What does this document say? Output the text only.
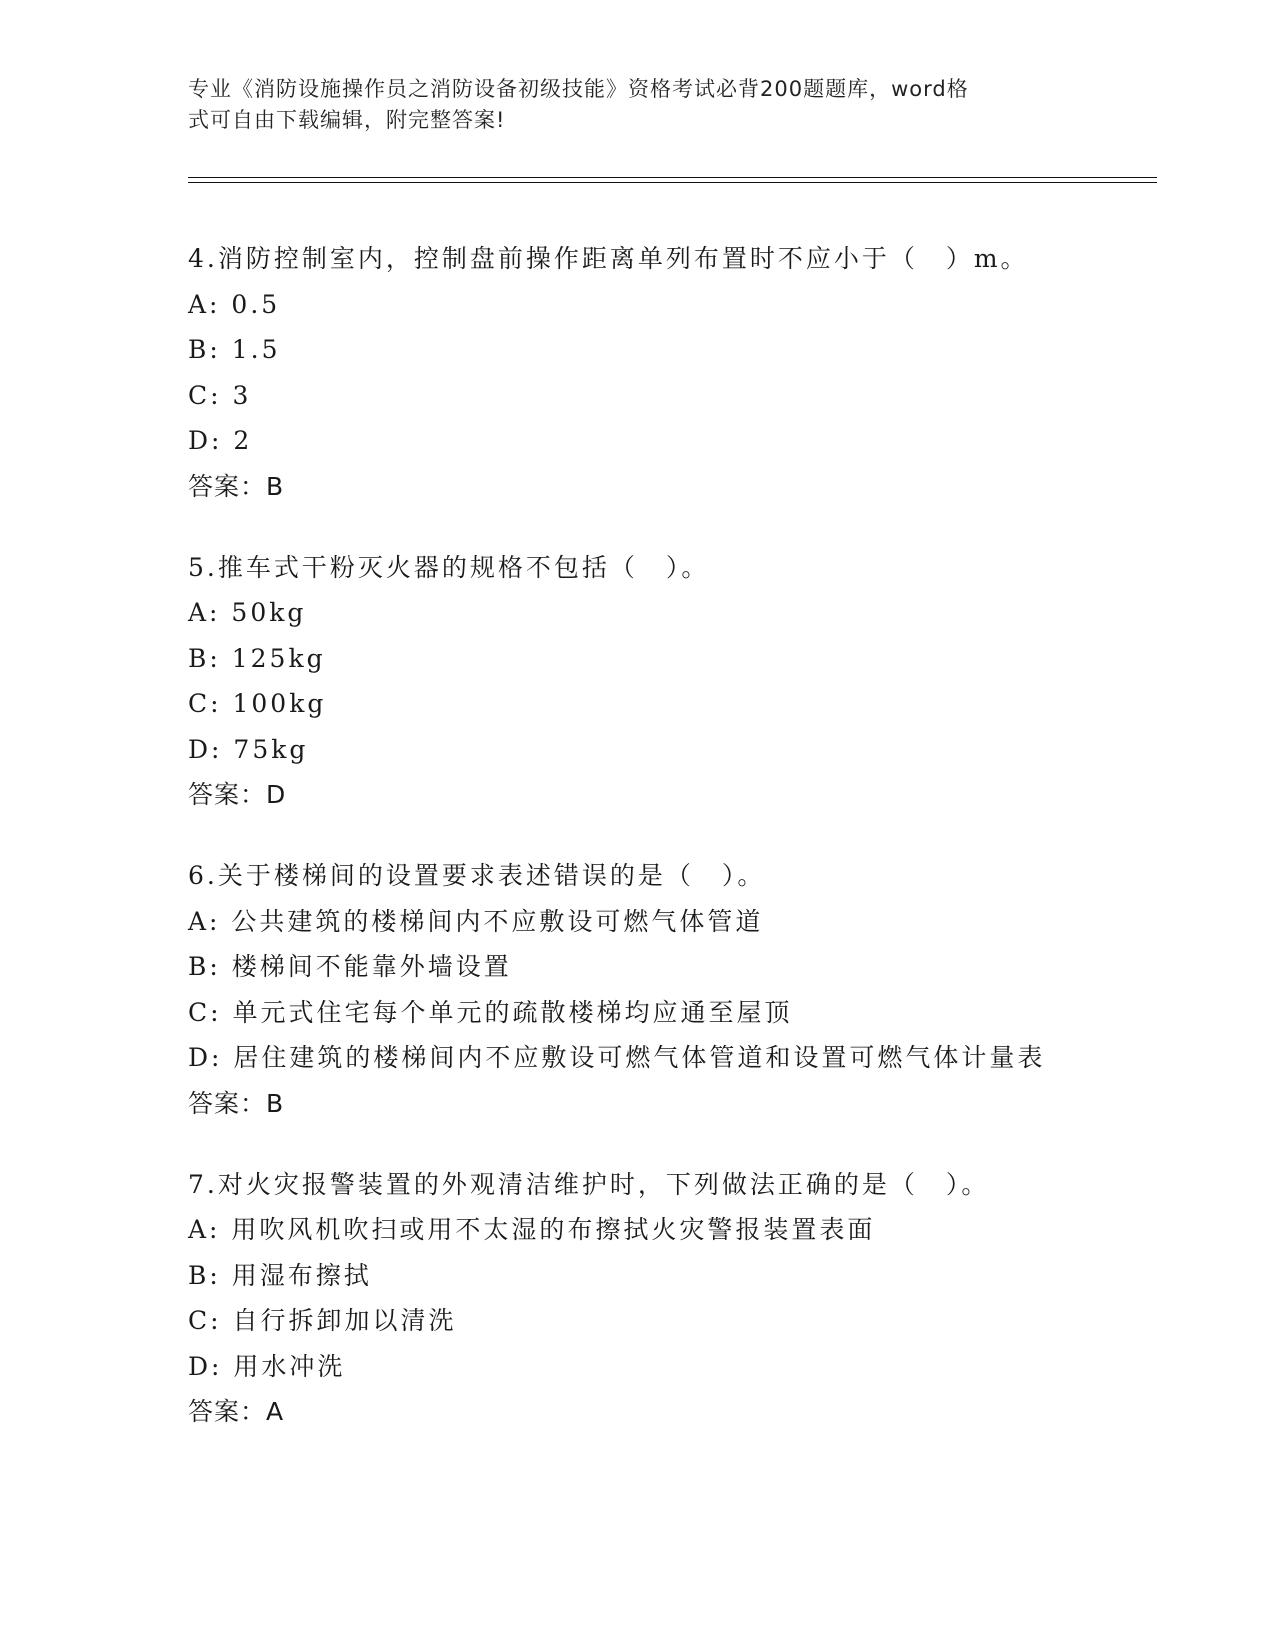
专业《消防设施操作员之消防设备初级技能》资格考试必背200题题库，word格
式可自由下载编辑，附完整答案!
4.消防控制室内，控制盘前操作距离单列布置时不应小于（　）m。
A: 0.5
B: 1.5
C: 3
D: 2
答案：B
5.推车式干粉灭火器的规格不包括（　）。
A: 50kg
B: 125kg
C: 100kg
D: 75kg
答案：D
6.关于楼梯间的设置要求表述错误的是（　）。
A: 公共建筑的楼梯间内不应敷设可燃气体管道
B: 楼梯间不能靠外墙设置
C: 单元式住宅每个单元的疏散楼梯均应通至屋顶
D: 居住建筑的楼梯间内不应敷设可燃气体管道和设置可燃气体计量表
答案：B
7.对火灾报警装置的外观清洁维护时，下列做法正确的是（　）。
A: 用吹风机吹扫或用不太湿的布擦拭火灾警报装置表面
B: 用湿布擦拭
C: 自行拆卸加以清洗
D: 用水冲洗
答案：A
